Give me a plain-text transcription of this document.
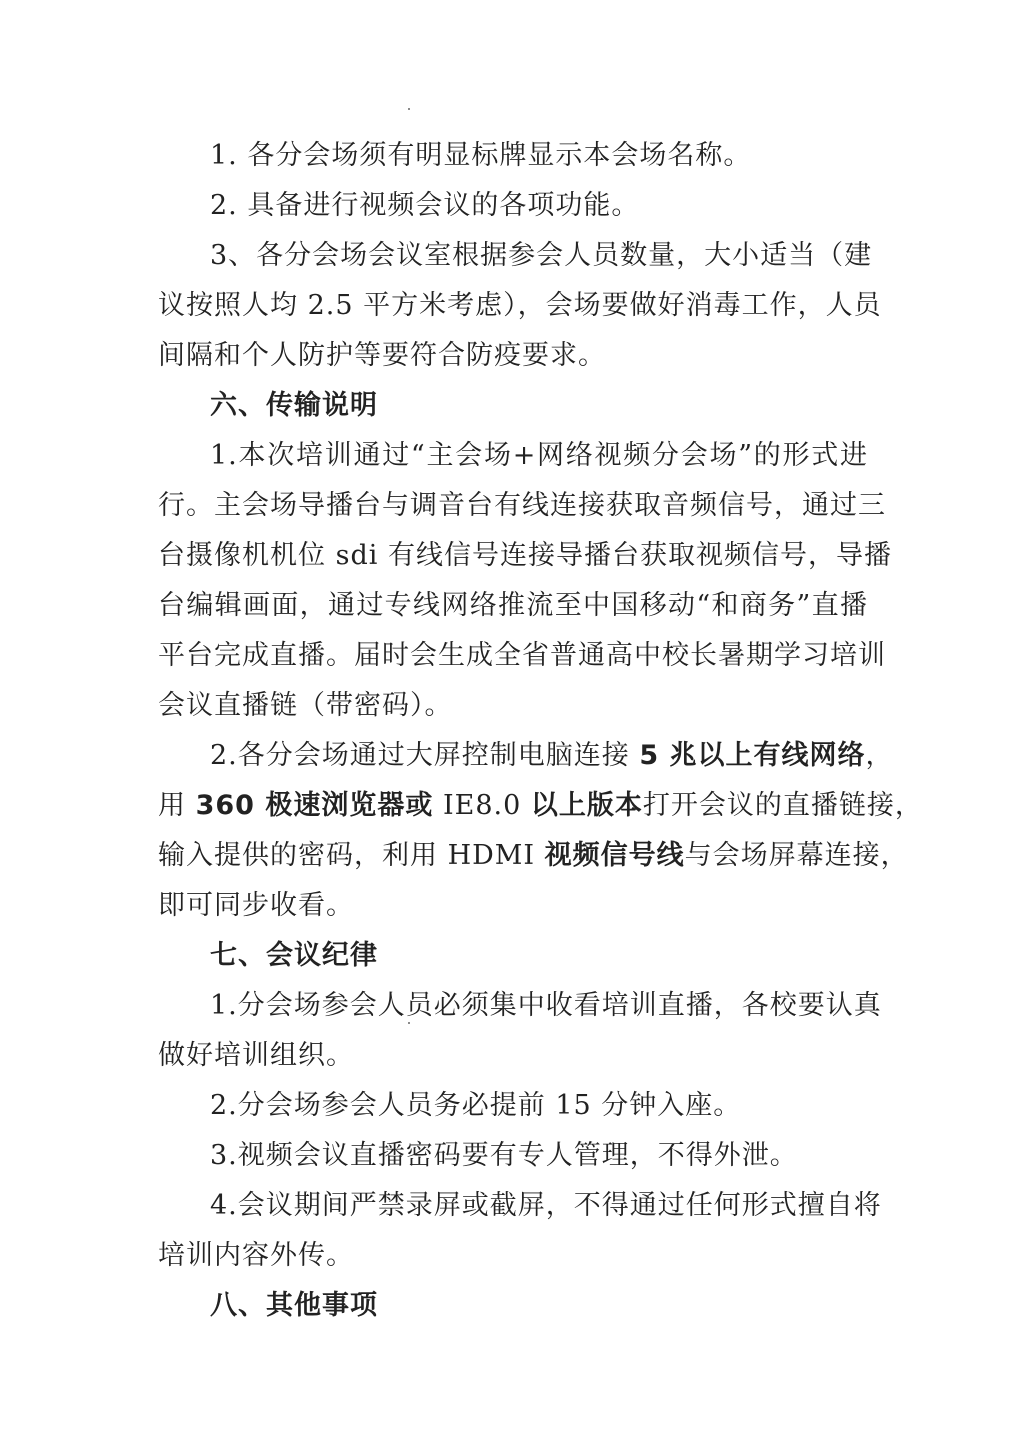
1. 各分会场须有明显标牌显示本会场名称。
2. 具备进行视频会议的各项功能。
3、各分会场会议室根据参会人员数量，大小适当（建
议按照人均 2.5 平方米考虑），会场要做好消毒工作，人员
间隔和个人防护等要符合防疫要求。
六、传输说明
1.本次培训通过“主会场+网络视频分会场”的形式进
行。主会场导播台与调音台有线连接获取音频信号，通过三
台摄像机机位 sdi 有线信号连接导播台获取视频信号，导播
台编辑画面，通过专线网络推流至中国移动“和商务”直播
平台完成直播。届时会生成全省普通高中校长暑期学习培训
会议直播链（带密码）。
2.各分会场通过大屏控制电脑连接 5 兆以上有线网络，
用 360 极速浏览器或 IE8.0 以上版本打开会议的直播链接，
输入提供的密码，利用 HDMI 视频信号线与会场屏幕连接，
即可同步收看。
七、会议纪律
1.分会场参会人员必须集中收看培训直播，各校要认真
做好培训组织。
2.分会场参会人员务必提前 15 分钟入座。
3.视频会议直播密码要有专人管理，不得外泄。
4.会议期间严禁录屏或截屏，不得通过任何形式擅自将
培训内容外传。
八、其他事项
